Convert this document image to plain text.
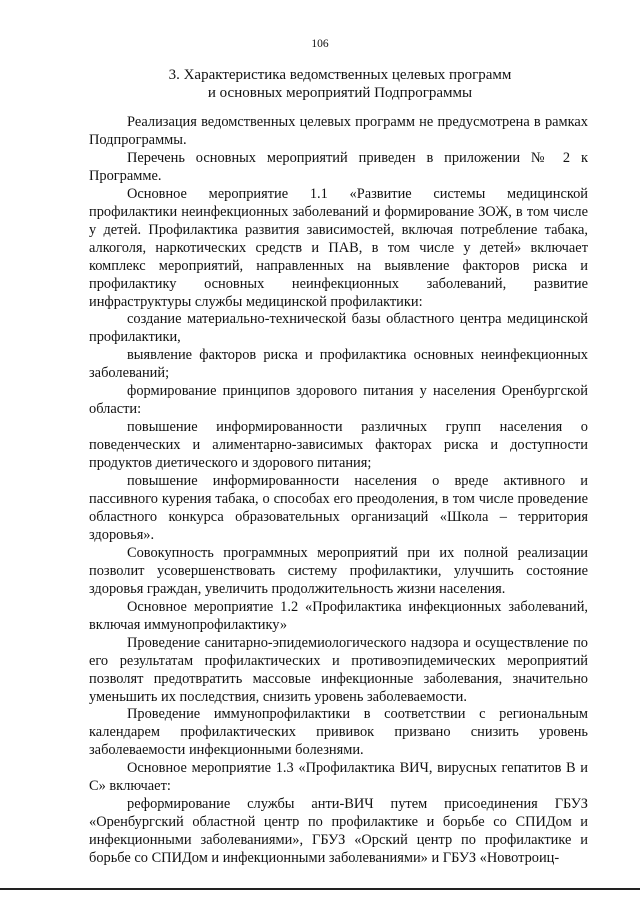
106
3. Характеристика ведомственных целевых программ
и основных мероприятий Подпрограммы

Реализация ведомственных целевых программ не предусмотрена в рамках Подпрограммы.

Перечень основных мероприятий приведен в приложении № 2 к Программе.

Основное мероприятие 1.1 «Развитие системы медицинской профилактики неинфекционных заболеваний и формирование ЗОЖ, в том числе у детей. Профилактика развития зависимостей, включая потребление табака, алкоголя, наркотических средств и ПАВ, в том числе у детей» включает комплекс мероприятий, направленных на выявление факторов риска и профилактику основных неинфекционных заболеваний, развитие инфраструктуры службы медицинской профилактики:

создание материально-технической базы областного центра медицинской профилактики,

выявление факторов риска и профилактика основных неинфекционных заболеваний;

формирование принципов здорового питания у населения Оренбургской области:

повышение информированности различных групп населения о поведенческих и алиментарно-зависимых факторах риска и доступности продуктов диетического и здорового питания;

повышение информированности населения о вреде активного и пассивного курения табака, о способах его преодоления, в том числе проведение областного конкурса образовательных организаций «Школа – территория здоровья».

Совокупность программных мероприятий при их полной реализации позволит усовершенствовать систему профилактики, улучшить состояние здоровья граждан, увеличить продолжительность жизни населения.

Основное мероприятие 1.2 «Профилактика инфекционных заболеваний, включая иммунопрофилактику»

Проведение санитарно-эпидемиологического надзора и осуществление по его результатам профилактических и противоэпидемических мероприятий позволят предотвратить массовые инфекционные заболевания, значительно уменьшить их последствия, снизить уровень заболеваемости.

Проведение иммунопрофилактики в соответствии с региональным календарем профилактических прививок призвано снизить уровень заболеваемости инфекционными болезнями.

Основное мероприятие 1.3 «Профилактика ВИЧ, вирусных гепатитов В и С» включает:

реформирование службы анти-ВИЧ путем присоединения ГБУЗ «Оренбургский областной центр по профилактике и борьбе со СПИДом и инфекционными заболеваниями», ГБУЗ «Орский центр по профилактике и борьбе со СПИДом и инфекционными заболеваниями» и ГБУЗ «Новотроиц-
